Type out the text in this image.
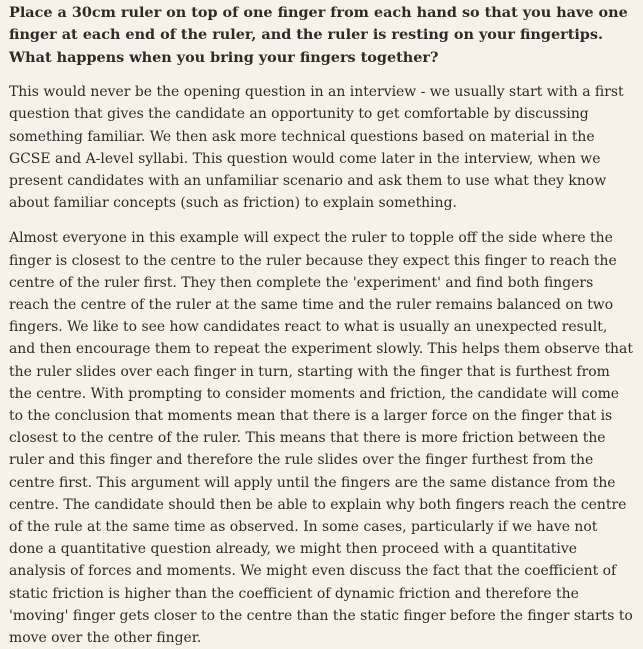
Place a 30cm ruler on top of one finger from each hand so that you have one finger at each end of the ruler, and the ruler is resting on your fingertips. What happens when you bring your fingers together?

This would never be the opening question in an interview - we usually start with a first question that gives the candidate an opportunity to get comfortable by discussing something familiar. We then ask more technical questions based on material in the GCSE and A-level syllabi. This question would come later in the interview, when we present candidates with an unfamiliar scenario and ask them to use what they know about familiar concepts (such as friction) to explain something.

Almost everyone in this example will expect the ruler to topple off the side where the finger is closest to the centre to the ruler because they expect this finger to reach the centre of the ruler first. They then complete the 'experiment' and find both fingers reach the centre of the ruler at the same time and the ruler remains balanced on two fingers. We like to see how candidates react to what is usually an unexpected result, and then encourage them to repeat the experiment slowly. This helps them observe that the ruler slides over each finger in turn, starting with the finger that is furthest from the centre. With prompting to consider moments and friction, the candidate will come to the conclusion that moments mean that there is a larger force on the finger that is closest to the centre of the ruler. This means that there is more friction between the ruler and this finger and therefore the rule slides over the finger furthest from the centre first. This argument will apply until the fingers are the same distance from the centre. The candidate should then be able to explain why both fingers reach the centre of the rule at the same time as observed. In some cases, particularly if we have not done a quantitative question already, we might then proceed with a quantitative analysis of forces and moments. We might even discuss the fact that the coefficient of static friction is higher than the coefficient of dynamic friction and therefore the 'moving' finger gets closer to the centre than the static finger before the finger starts to move over the other finger.
